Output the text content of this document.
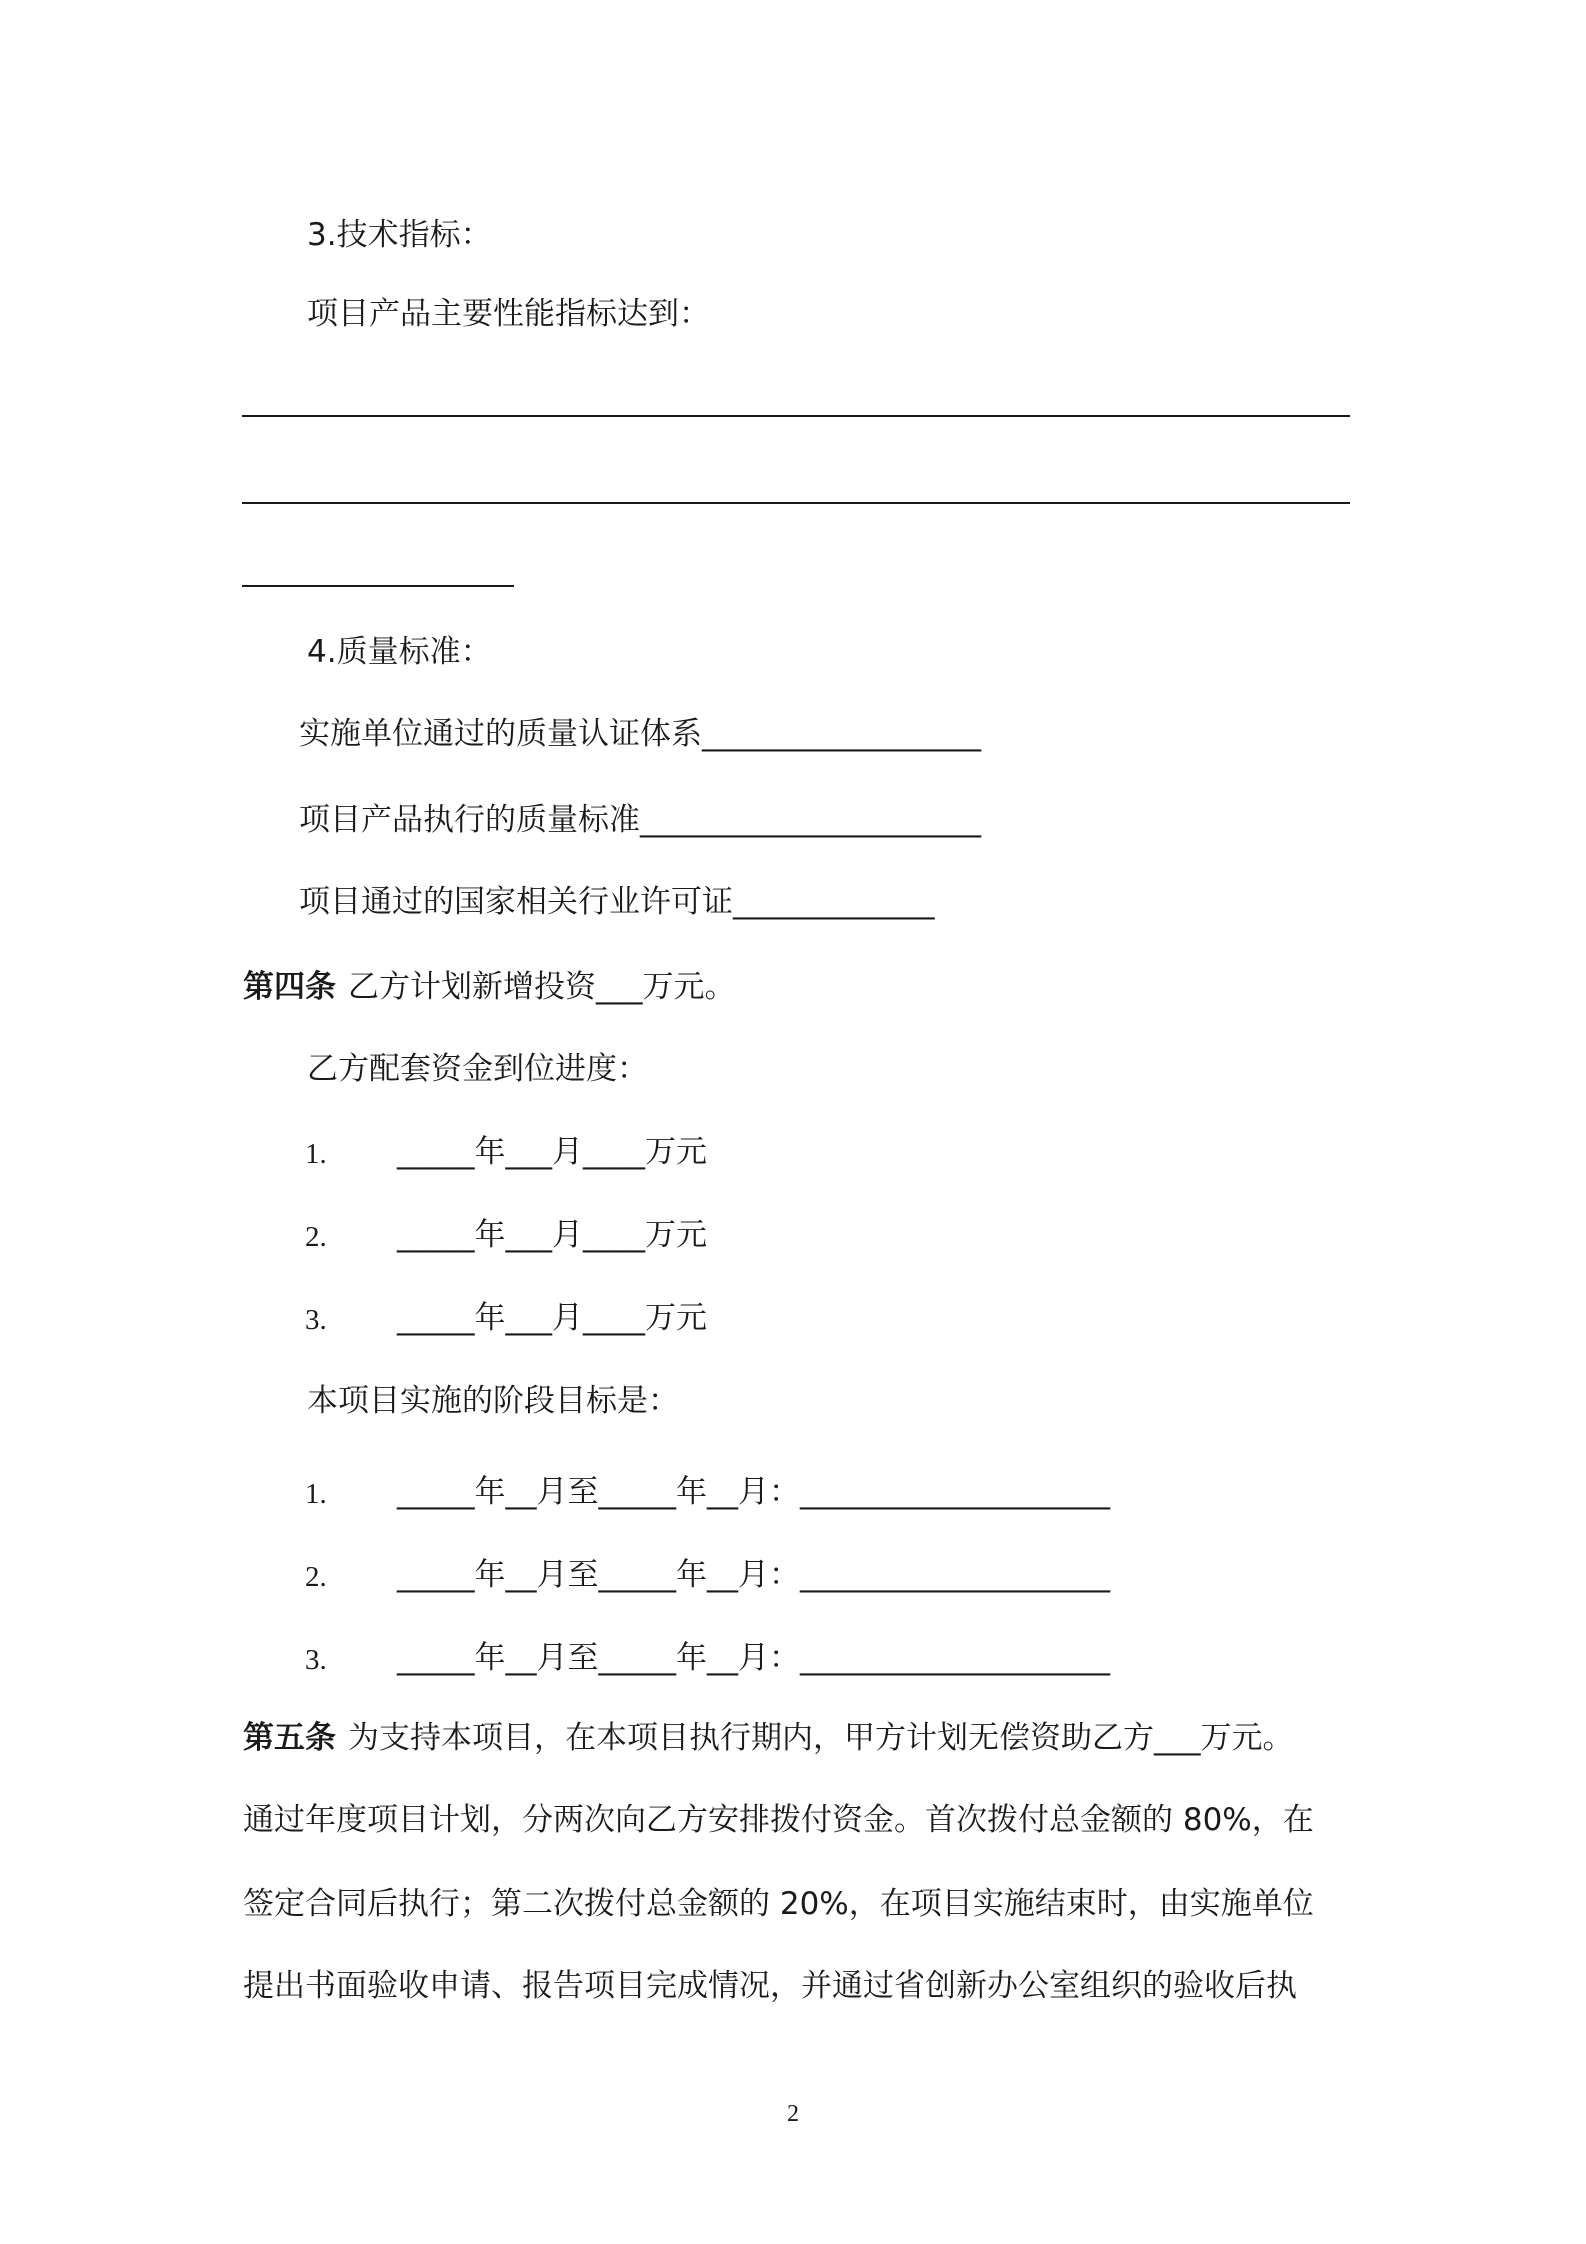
3.技术指标：
项目产品主要性能指标达到：
4.质量标准：
实施单位通过的质量认证体系__________________
项目产品执行的质量标准______________________
项目通过的国家相关行业许可证_____________
第四条 乙方计划新增投资___万元。
乙方配套资金到位进度：
1. _____年___月____万元
2. _____年___月____万元
3. _____年___月____万元
本项目实施的阶段目标是：
1. _____年__月至_____年__月：____________________
2. _____年__月至_____年__月：____________________
3. _____年__月至_____年__月：____________________
第五条 为支持本项目，在本项目执行期内，甲方计划无偿资助乙方___万元。
通过年度项目计划，分两次向乙方安排拨付资金。首次拨付总金额的 80%，在
签定合同后执行；第二次拨付总金额的 20%，在项目实施结束时，由实施单位
提出书面验收申请、报告项目完成情况，并通过省创新办公室组织的验收后执
2
